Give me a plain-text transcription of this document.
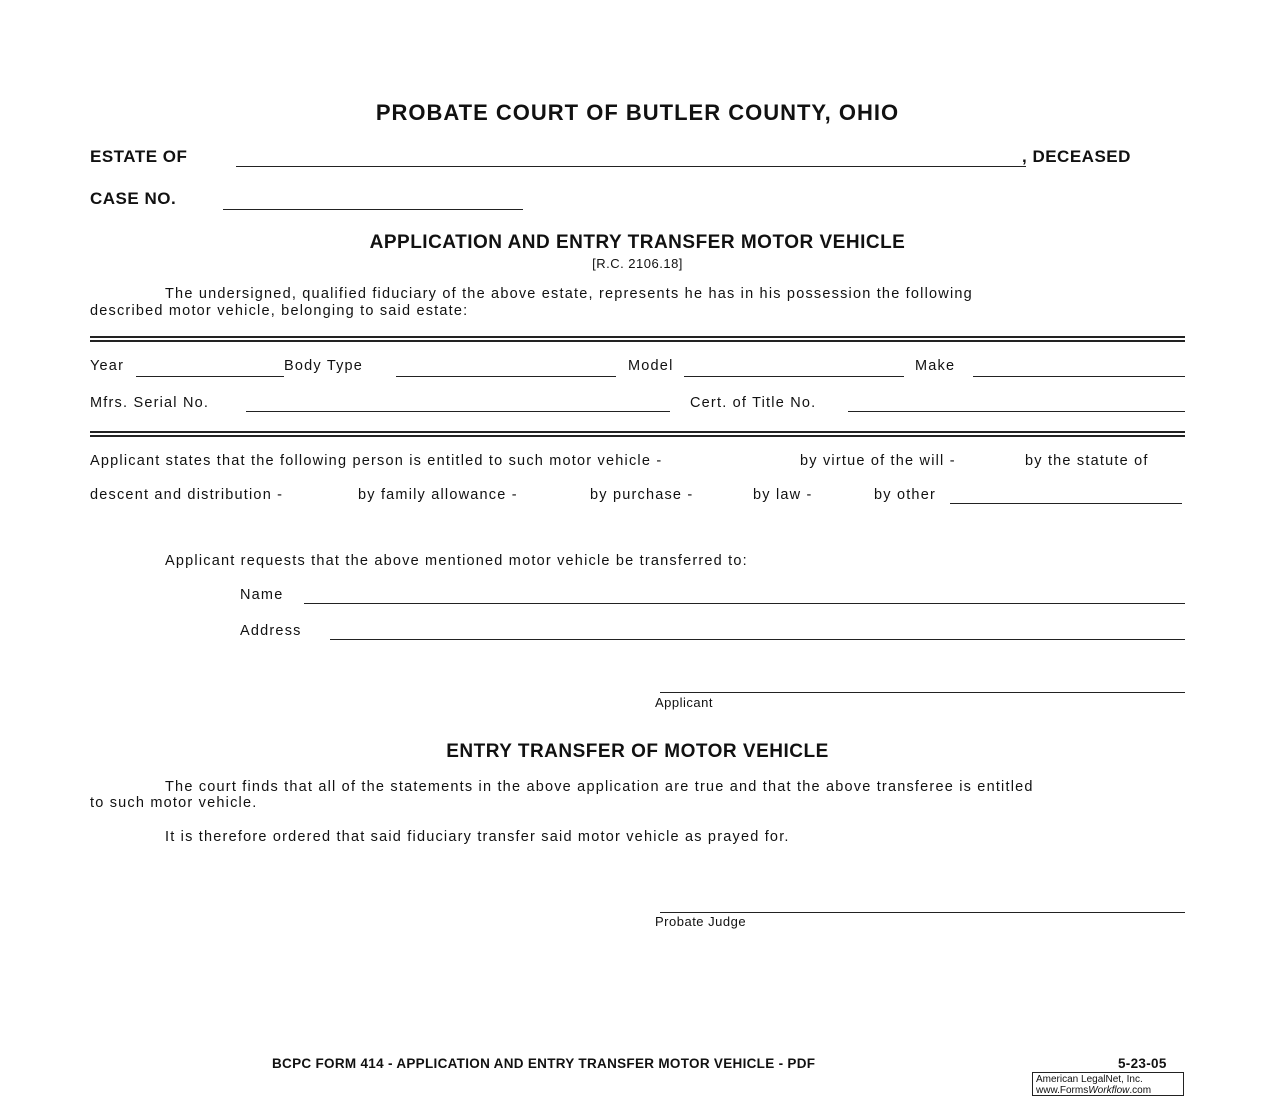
PROBATE COURT OF BUTLER COUNTY, OHIO
ESTATE OF	, DECEASED
CASE NO.
APPLICATION AND ENTRY TRANSFER MOTOR VEHICLE
[R.C. 2106.18]
The undersigned, qualified fiduciary of the above estate, represents he has in his possession the following
described motor vehicle, belonging to said estate:
Year	Body Type	Model	Make
Mfrs. Serial No.	Cert. of Title No.
Applicant states that the following person is entitled to such motor vehicle -	by virtue of the will -	by the statute of
descent and distribution -	by family allowance -	by purchase -	by law -	by other
Applicant requests that the above mentioned motor vehicle be transferred to:
Name
Address
Applicant
ENTRY TRANSFER OF MOTOR VEHICLE
The court finds that all of the statements in the above application are true and that the above transferee is entitled
to such motor vehicle.
It is therefore ordered that said fiduciary transfer said motor vehicle as prayed for.
Probate Judge
BCPC FORM 414 - APPLICATION AND ENTRY TRANSFER MOTOR VEHICLE - PDF	5-23-05
American LegalNet, Inc.
www.FormsWorkflow.com
